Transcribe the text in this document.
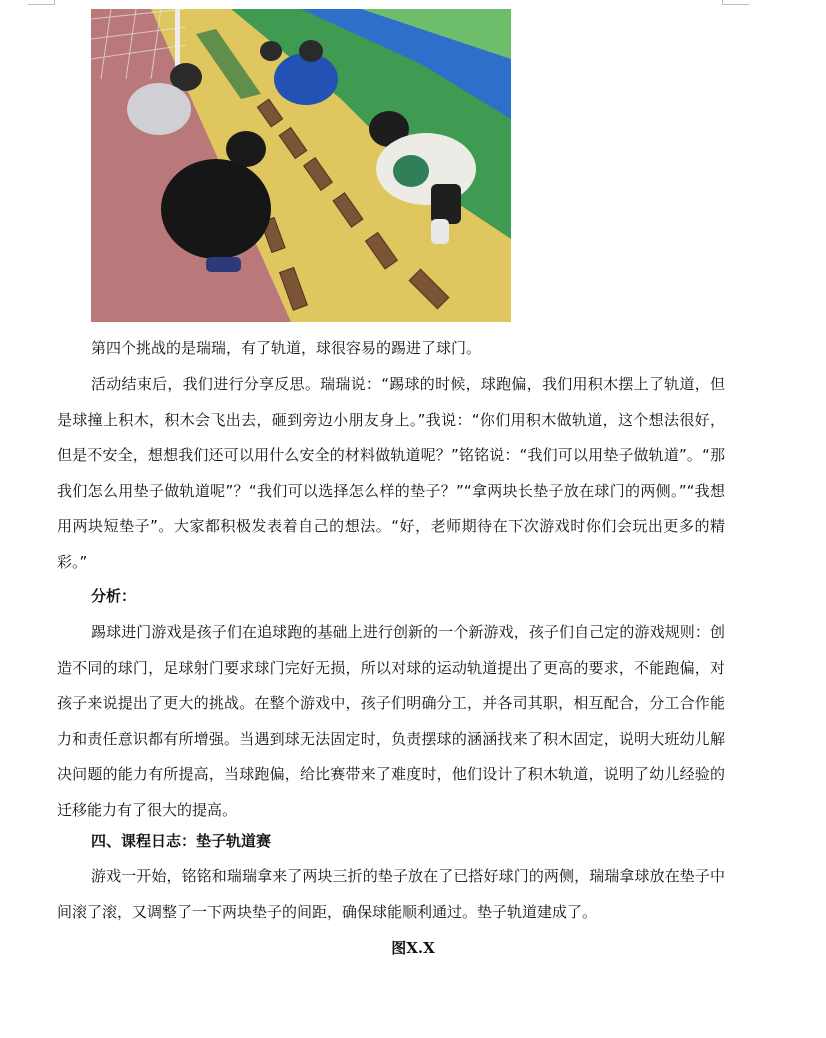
第四个挑战的是瑞瑞，有了轨道，球很容易的踢进了球门。

活动结束后，我们进行分享反思。瑞瑞说：“踢球的时候，球跑偏，我们用积木摆上了轨道，但是球撞上积木，积木会飞出去，砸到旁边小朋友身上。”我说：“你们用积木做轨道，这个想法很好，但是不安全，想想我们还可以用什么安全的材料做轨道呢？”铭铭说：“我们可以用垫子做轨道”。“那我们怎么用垫子做轨道呢”？“我们可以选择怎么样的垫子？”“拿两块长垫子放在球门的两侧。”“我想用两块短垫子”。大家都积极发表着自己的想法。“好，老师期待在下次游戏时你们会玩出更多的精彩。”

分析：

踢球进门游戏是孩子们在追球跑的基础上进行创新的一个新游戏，孩子们自己定的游戏规则：创造不同的球门，足球射门要求球门完好无损，所以对球的运动轨道提出了更高的要求，不能跑偏，对孩子来说提出了更大的挑战。在整个游戏中，孩子们明确分工，并各司其职，相互配合，分工合作能力和责任意识都有所增强。当遇到球无法固定时，负责摆球的涵涵找来了积木固定，说明大班幼儿解决问题的能力有所提高，当球跑偏，给比赛带来了难度时，他们设计了积木轨道，说明了幼儿经验的迁移能力有了很大的提高。

四、课程日志：垫子轨道赛

游戏一开始，铭铭和瑞瑞拿来了两块三折的垫子放在了已搭好球门的两侧，瑞瑞拿球放在垫子中间滚了滚，又调整了一下两块垫子的间距，确保球能顺利通过。垫子轨道建成了。

图X.X
